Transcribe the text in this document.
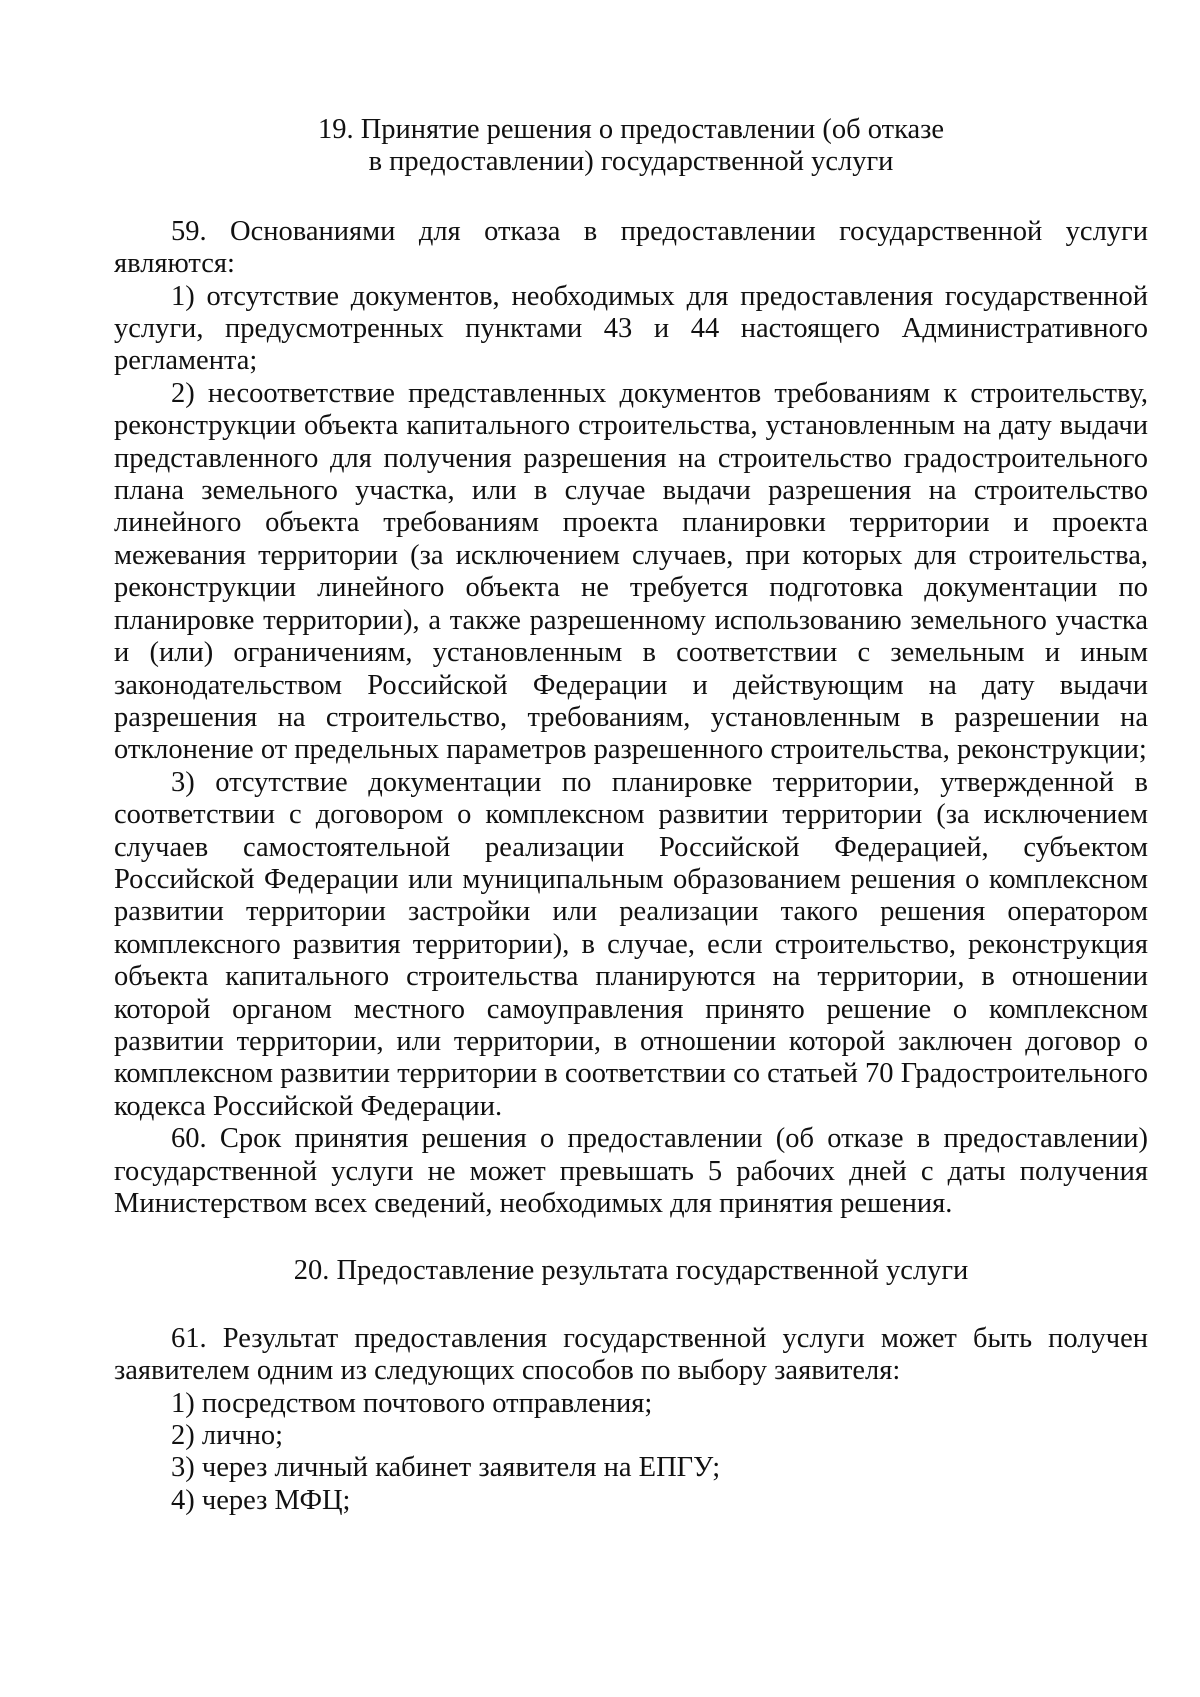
19. Принятие решения о предоставлении (об отказе
в предоставлении) государственной услуги

59. Основаниями для отказа в предоставлении государственной услуги являются:

1) отсутствие документов, необходимых для предоставления государственной услуги, предусмотренных пунктами 43 и 44 настоящего Административного регламента;

2) несоответствие представленных документов требованиям к строительству, реконструкции объекта капитального строительства, установленным на дату выдачи представленного для получения разрешения на строительство градостроительного плана земельного участка, или в случае выдачи разрешения на строительство линейного объекта требованиям проекта планировки территории и проекта межевания территории (за исключением случаев, при которых для строительства, реконструкции линейного объекта не требуется подготовка документации по планировке территории), а также разрешенному использованию земельного участка и (или) ограничениям, установленным в соответствии с земельным и иным законодательством Российской Федерации и действующим на дату выдачи разрешения на строительство, требованиям, установленным в разрешении на отклонение от предельных параметров разрешенного строительства, реконструкции;

3) отсутствие документации по планировке территории, утвержденной в соответствии с договором о комплексном развитии территории (за исключением случаев самостоятельной реализации Российской Федерацией, субъектом Российской Федерации или муниципальным образованием решения о комплексном развитии территории застройки или реализации такого решения оператором комплексного развития территории), в случае, если строительство, реконструкция объекта капитального строительства планируются на территории, в отношении которой органом местного самоуправления принято решение о комплексном развитии территории, или территории, в отношении которой заключен договор о комплексном развитии территории в соответствии со статьей 70 Градостроительного кодекса Российской Федерации.

60. Срок принятия решения о предоставлении (об отказе в предоставлении) государственной услуги не может превышать 5 рабочих дней с даты получения Министерством всех сведений, необходимых для принятия решения.

20. Предоставление результата государственной услуги

61. Результат предоставления государственной услуги может быть получен заявителем одним из следующих способов по выбору заявителя:

1) посредством почтового отправления;

2) лично;

3) через личный кабинет заявителя на ЕПГУ;

4) через МФЦ;
